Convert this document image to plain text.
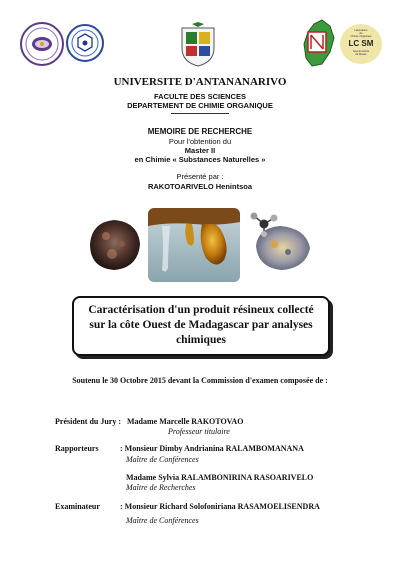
Laboratoire
de
Chimie Organique
LC SM
Spectrométrie
de Masse
UNIVERSITE D'ANTANANARIVO
FACULTE DES SCIENCES
DEPARTEMENT DE CHIMIE ORGANIQUE
MEMOIRE DE RECHERCHE
Pour l'obtention du
Master II
en Chimie « Substances Naturelles »
Présenté par :
RAKOTOARIVELO Henintsoa
Caractérisation d'un produit résineux collecté
sur la côte Ouest de Madagascar par analyses
chimiques
Soutenu le 30 Octobre 2015 devant la Commission d'examen composée de :
Président du Jury : Madame Marcelle RAKOTOVAO
Professeur titulaire
Rapporteurs	: Monsieur Dimby Andrianina RALAMBOMANANA
Maître de Conférences
Madame Sylvia RALAMBONIRINA RASOARIVELO
Maître de Recherches
Examinateur	: Monsieur Richard Solofoniriana RASAMOELISENDRA
Maître de Conférences
